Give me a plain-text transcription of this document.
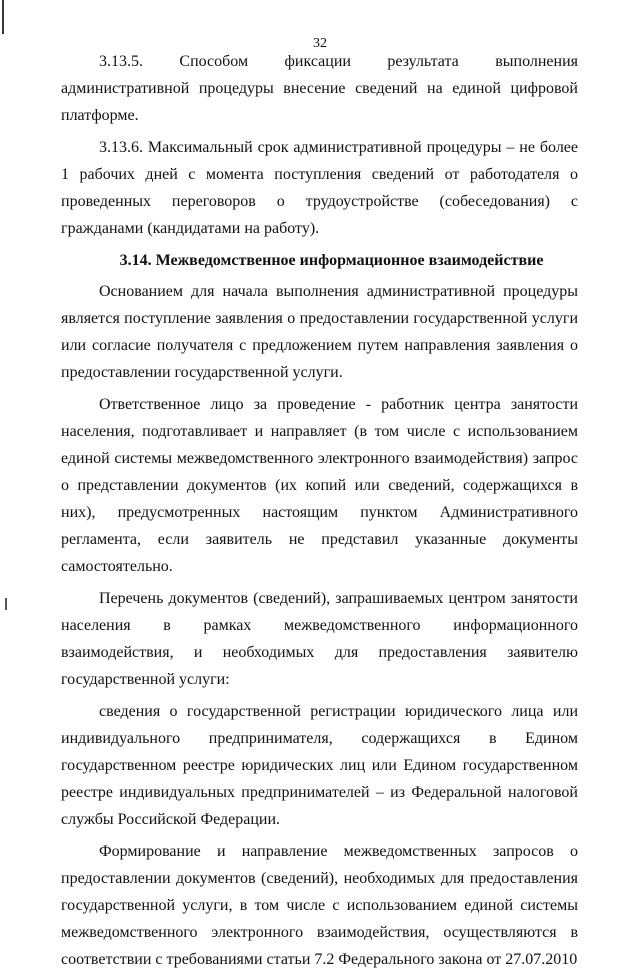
32

3.13.5. Способом фиксации результата выполнения административной процедуры внесение сведений на единой цифровой платформе.

3.13.6. Максимальный срок административной процедуры – не более 1 рабочих дней с момента поступления сведений от работодателя о проведенных переговоров о трудоустройстве (собеседования) с гражданами (кандидатами на работу).

3.14. Межведомственное информационное взаимодействие

Основанием для начала выполнения административной процедуры является поступление заявления о предоставлении государственной услуги или согласие получателя с предложением путем направления заявления о предоставлении государственной услуги.

Ответственное лицо за проведение - работник центра занятости населения, подготавливает и направляет (в том числе с использованием единой системы межведомственного электронного взаимодействия) запрос о представлении документов (их копий или сведений, содержащихся в них), предусмотренных настоящим пунктом Административного регламента, если заявитель не представил указанные документы самостоятельно.

Перечень документов (сведений), запрашиваемых центром занятости населения в рамках межведомственного информационного взаимодействия, и необходимых для предоставления заявителю государственной услуги:

сведения о государственной регистрации юридического лица или индивидуального предпринимателя, содержащихся в Едином государственном реестре юридических лиц или Едином государственном реестре индивидуальных предпринимателей – из Федеральной налоговой службы Российской Федерации.

Формирование и направление межведомственных запросов о предоставлении документов (сведений), необходимых для предоставления государственной услуги, в том числе с использованием единой системы межведомственного электронного взаимодействия, осуществляются в соответствии с требованиями статьи 7.2 Федерального закона от 27.07.2010
